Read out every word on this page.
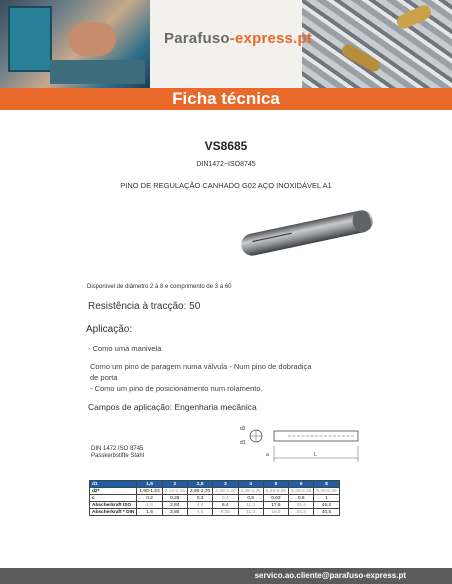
Parafuso-express.pt
Ficha técnica
VS8685
DIN1472~ISO8745
PINO DE REGULAÇÃO CANHADO G02 AÇO INOXIDÁVEL A1
Disponível de diâmetro 2 à 8 e comprimento de 3 a 60
Resistência à tracção: 50
Aplicação:
- Como uma manivela
Como um pino de paragem numa válvula - Num pino de dobradiça de porta
- Como um pino de posicionamento num rolamento.
Campos de aplicação: Engenharia mecânica
DIN 1472 ISO 8745
Passkerbstifte Stahl
d2
d1
L
a
d1	1,5	2	2,5	3	4	5	6	8
d2*	1,60-1,63	2,10-2,15	2,60-2,70	3,20-3,30	4,25-4,35	5,25-5,35	6,25-6,35	8,25-8,35
c	0,2	0,25	0,3	0,4	0,5	0,63	0,8	1
Abscherkraft ISO	1,6	2,84	4,4	6,4	11,3	17,6	25,4	45,2
Abscherkraft * DIN	1,6	2,85	4,5	6,35	11,3	16,9	25,4	40,5
servico.ao.cliente@parafuso-express.pt
